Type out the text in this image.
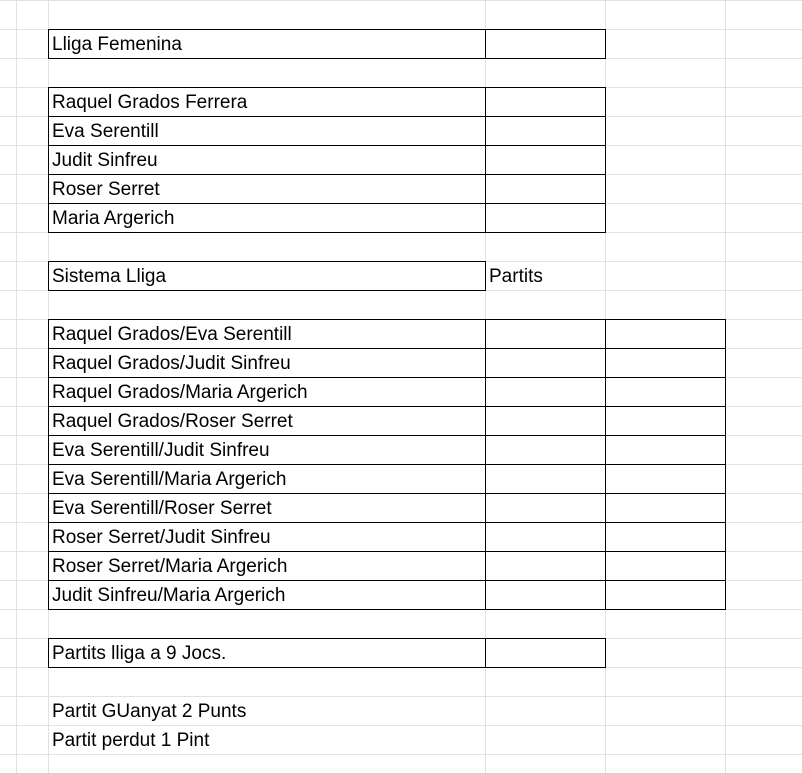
Lliga Femenina
Raquel Grados Ferrera
Eva Serentill
Judit Sinfreu
Roser Serret
Maria Argerich
Sistema Lliga	Partits
Raquel Grados/Eva Serentill
Raquel Grados/Judit Sinfreu
Raquel Grados/Maria Argerich
Raquel Grados/Roser Serret
Eva Serentill/Judit Sinfreu
Eva Serentill/Maria Argerich
Eva Serentill/Roser Serret
Roser Serret/Judit Sinfreu
Roser Serret/Maria Argerich
Judit Sinfreu/Maria Argerich
Partits lliga a 9 Jocs.
Partit GUanyat 2 Punts
Partit perdut 1 Pint
